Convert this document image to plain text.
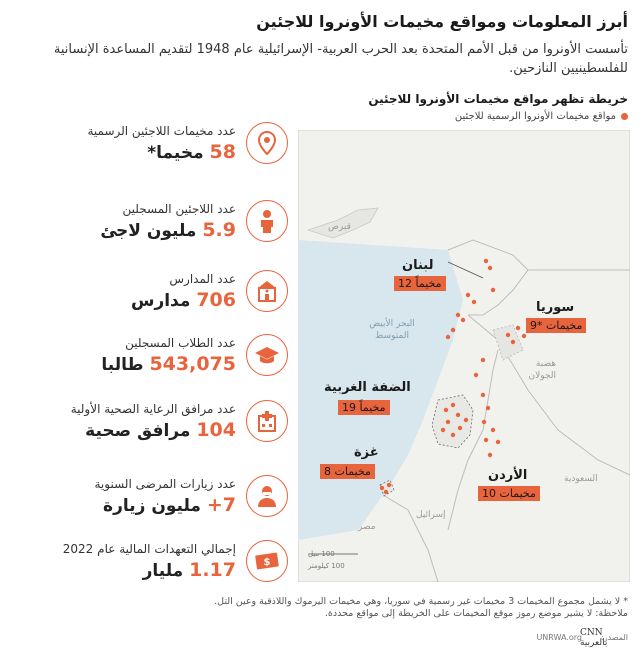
أبرز المعلومات ومواقع مخيمات الأونروا للاجئين
تأسست الأونروا من قبل الأمم المتحدة بعد الحرب العربية- الإسرائيلية عام 1948 لتقديم المساعدة الإنسانية للفلسطينيين النازحين.
خريطة تظهر مواقع مخيمات الأونروا للاجئين
مواقع مخيمات الأونروا الرسمية للاجئين
عدد مخيمات اللاجئين الرسمية
58 مخيما*
عدد اللاجئين المسجلين
5.9 مليون لاجئ
عدد المدارس
706 مدارس
عدد الطلاب المسجلين
543,075 طالبا
عدد مرافق الرعاية الصحية الأولية
104 مرافق صحية
عدد زيارات المرضى السنوية
7+ مليون زيارة
$
إجمالي التعهدات المالية عام 2022
1.17 مليار
البحر الأبيض المتوسط
قبرص
هضبة الجولان
السعودية
إسرائيل
مصر
لبنان
12 مخيماً
سوريا
9* مخيمات
الضفة الغربية
19 مخيماً
غزة
8 مخيمات	الأردن
10 مخيمات
100 ميل
100 كيلومتر
* لا يشمل مجموع المخيمات 3 مخيمات غير رسمية في سوريا، وهي مخيمات اليرموك واللاذقية وعين التل.
ملاحظة: لا يشير موضع رموز موقع المخيمات على الخريطة إلى مواقع محددة.
المصدر:
UNRWA.org
CNN بالعربية
